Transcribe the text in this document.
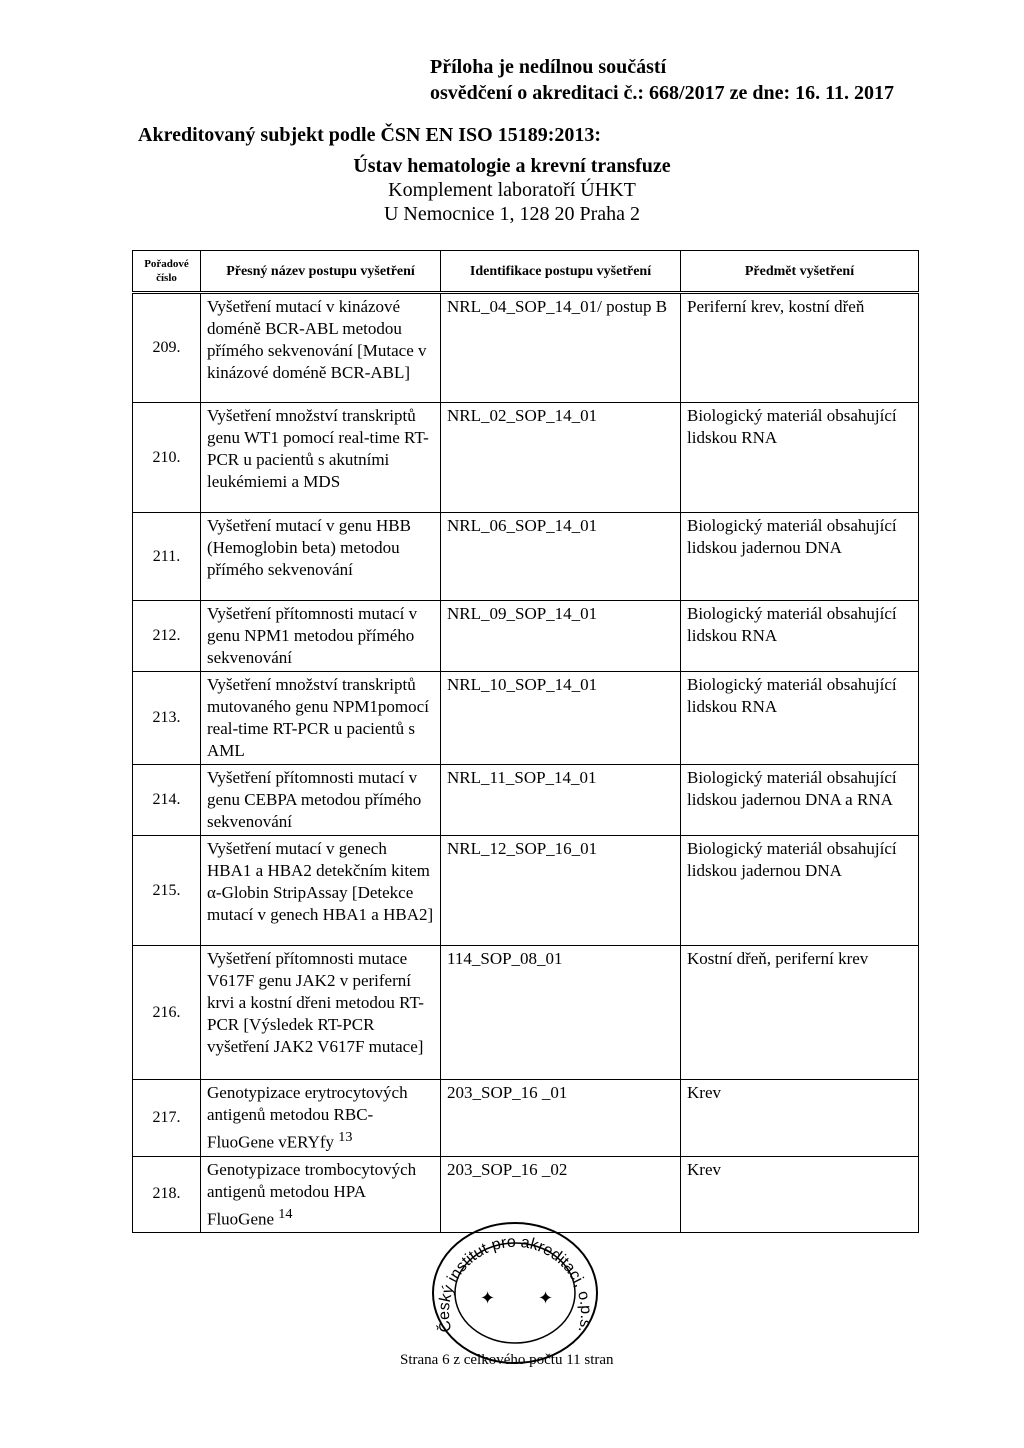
Příloha je nedílnou součástí
osvědčení o akreditaci č.: 668/2017 ze dne: 16. 11. 2017
Akreditovaný subjekt podle ČSN EN ISO 15189:2013:
Ústav hematologie a krevní transfuze
Komplement laboratoří ÚHKT
U Nemocnice 1, 128 20 Praha 2
Pořadové číslo	Přesný název postupu vyšetření	Identifikace postupu vyšetření	Předmět vyšetření
209.	Vyšetření mutací v kinázové doméně BCR-ABL metodou přímého sekvenování [Mutace v kinázové doméně BCR-ABL]	NRL_04_SOP_14_01/ postup B	Periferní krev, kostní dřeň
210.	Vyšetření množství transkriptů genu WT1 pomocí real-time RT-PCR u pacientů s akutními leukémiemi a MDS	NRL_02_SOP_14_01	Biologický materiál obsahující lidskou RNA
211.	Vyšetření mutací v genu HBB (Hemoglobin beta) metodou přímého sekvenování	NRL_06_SOP_14_01	Biologický materiál obsahující lidskou jadernou DNA
212.	Vyšetření přítomnosti mutací v genu NPM1 metodou přímého sekvenování	NRL_09_SOP_14_01	Biologický materiál obsahující lidskou RNA
213.	Vyšetření množství transkriptů mutovaného genu NPM1pomocí real-time RT-PCR u pacientů s AML	NRL_10_SOP_14_01	Biologický materiál obsahující lidskou RNA
214.	Vyšetření přítomnosti mutací v genu CEBPA metodou přímého sekvenování	NRL_11_SOP_14_01	Biologický materiál obsahující lidskou jadernou DNA a RNA
215.	Vyšetření mutací v genech HBA1 a HBA2 detekčním kitem α-Globin StripAssay [Detekce mutací v genech HBA1 a HBA2]	NRL_12_SOP_16_01	Biologický materiál obsahující lidskou jadernou DNA
216.	Vyšetření přítomnosti mutace V617F genu JAK2 v periferní krvi a kostní dřeni metodou RT-PCR [Výsledek RT-PCR vyšetření JAK2 V617F mutace]	114_SOP_08_01	Kostní dřeň, periferní krev
217.	Genotypizace erytrocytových antigenů metodou RBC-FluoGene vERYfy $^{13}$	203_SOP_16 _01	Krev
218.	Genotypizace trombocytových antigenů metodou HPA FluoGene $^{14}$	203_SOP_16 _02	Krev
Český institut pro akreditaci, o.p.s.
✦ ✦
Strana 6 z celkového počtu 11 stran
